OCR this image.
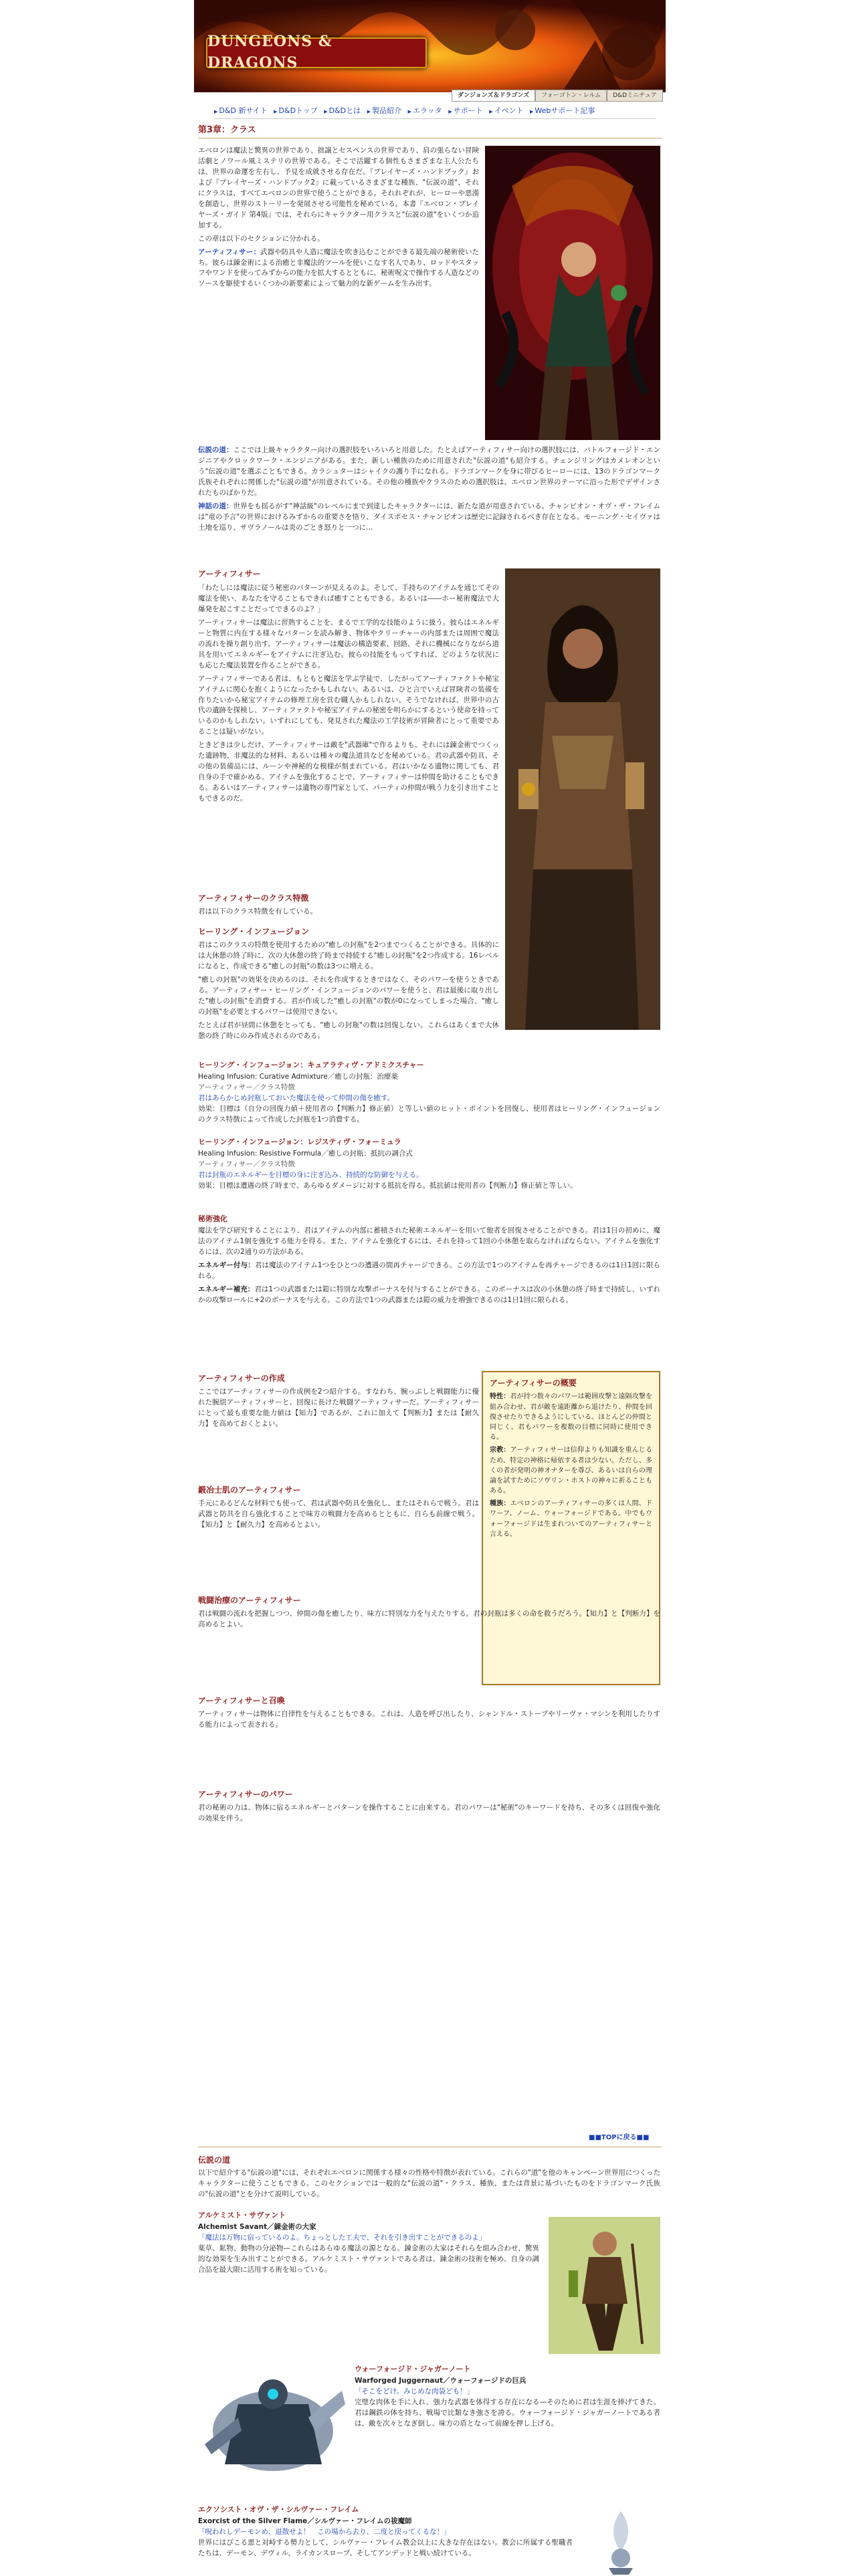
DUNGEONS & DRAGONS
ダンジョンズ＆ドラゴンズ	フォーゴトン・レルム	D&Dミニチュア
▶ D&D 新サイト ▶ D&Dトップ ▶ D&Dとは ▶ 製品紹介 ▶ エラッタ ▶ サポート ▶ イベント ▶ Webサポート記事
第3章：クラス

エベロンは魔法と驚異の世界であり、拙譲とセスペンスの世界であり、肩の張らない冒険活劇とノワール風ミステリの世界である。そこで活躍する個性もさまざまな主人公たちは、世界の命運を左右し、予見を成就させる存在だ。『プレイヤーズ・ハンドブック』および『プレイヤーズ・ハンドブック2』に載っているさまざまな種族、"伝説の道"、それにクラスは、すべてエベロンの世界で使うことができる。それれぞれが、ヒーローや悪漢を創造し、世界のストーリーを発展させる可能性を秘めている。本書『エベロン・プレイヤーズ・ガイド 第4版』では、それらにキャラクター用クラスと"伝説の道"をいくつか追加する。

この章は以下のセクションに分かれる。

アーティフィサー：武器や防具や人造に魔法を吹き込むことができる最先端の秘術使いたち。彼らは錬金術による治癒と非魔法的ツールを使いこなす名人であり、ロッドやスタッフやワンドを使ってみずからの能力を拡大するとともに、秘術呪文で操作する人造などのソースを駆使するいくつかの新要素によって魅力的な新ゲームを生み出す。

伝説の道：ここでは上級キャラクター向けの選択肢をいろいろと用意した。たとえばアーティフィサー向けの選択肢には、バトルフォージド・エンジニアやクロックワーク・エンジニアがある。また、新しい種族のために用意された"伝説の道"も紹介する。チェンジリングはカメレオンという"伝説の道"を選ぶこともできる。カラシュターはシャイクの護り手になれる。ドラゴンマークを身に帯びるヒーローには、13のドラゴンマーク氏族それぞれに関係した"伝説の道"が用意されている。その他の種族やクラスのための選択肢は、エベロン世界のテーマに沿った形でデザインされたものばかりだ。

神話の道：世界をも揺るがす"神話級"のレベルにまで到達したキャラクターには、新たな道が用意されている。チャンピオン・オヴ・ザ・フレイムは"竜の予言"の世界におけるみずからの重要さを悟り、ダイスポセス・チャンピオンは歴史に記録されるべき存在となる。モーニング・セイヴァは土地を巡り、サヴラノールは炎のごとき怒りと一つに…

アーティフィサー

「わたしには魔法に従う秘密のパターンが見えるのよ。そして、手持ちのアイテムを通じてその魔法を使い、あなたを守ることもできれば癒すこともできる。あるいは――ホー秘術魔法で大爆発を起こすことだってできるのよ？」

アーティフィサーは魔法に習熟することを、まるで工学的な技能のように扱う。彼らはエネルギーと物質に内在する様々なパターンを読み解き、物体やクリーチャーの内部または周囲で魔法の流れを操り創り出す。アーティフィサーは魔法の構造要素、回路、それに機械になりながら道具を用いてエネルギーをアイテムに注ぎ込む。彼らの技能をもってすれば、どのような状況にも応じた魔法装置を作ることができる。

アーティフィサーである者は、もともと魔法を学ぶ学徒で、したがってアーティファクトや秘宝アイテムに関心を抱くようになったかもしれない。あるいは、ひと言でいえば冒険者の装備を作りたいから秘宝アイテムの修理工房を営む職人かもしれない。そうでなければ、世界中の古代の遺跡を探検し、アーティファクトや秘宝アイテムの秘密を明らかにするという使命を持っているのかもしれない。いずれにしても、発見された魔法の工学技術が冒険者にとって重要であることは疑いがない。

ときどきは少しだけ、アーティフィサーは敵を"武器庫"で作るよりも、それには錬金術でつくった遺跡物、非魔法的な材料、あるいは種々の魔法道具などを秘めている。君の武器や防具、その他の装備品には、ルーンや神秘的な模様が刻まれている。君はいかなる遺物に関しても、君自身の手で確かめる。アイテムを強化することで、アーティフィサーは仲間を助けることもできる。あるいはアーティフィサーは遺物の専門家として、パーティの仲間が戦う力を引き出すこともできるのだ。

アーティフィサーのクラス特徴
君は以下のクラス特徴を有している。
ヒーリング・インフュージョン

君はこのクラスの特徴を使用するための"癒しの封瓶"を2つまでつくることができる。具体的には大休憩の終了時に、次の大休憩の終了時まで持続する"癒しの封瓶"を2つ作成する。16レベルになると、作成できる"癒しの封瓶"の数は3つに増える。

"癒しの封瓶"の効果を決めるのは、それを作成するときではなく、そのパワーを使うときである。アーティフィサー・ヒーリング・インフュージョンのパワーを使うと、君は最後に取り出した"癒しの封瓶"を消費する。君が作成した"癒しの封瓶"の数が0になってしまった場合、"癒しの封瓶"を必要とするパワーは使用できない。

たとえば君が昼間に休憩をとっても、"癒しの封瓶"の数は回復しない。これらはあくまで大休憩の終了時にのみ作成されるのである。

ヒーリング・インフュージョン：キュアラティヴ・アドミクスチャー
Healing Infusion: Curative Admixture／癒しの封瓶：治療薬
アーティフィサー／クラス特徴
君はあらかじめ封瓶しておいた魔法を使って仲間の傷を癒す。
効果：目標は（自分の回復力値＋使用者の【判断力】修正値）と等しい値のヒット・ポイントを回復し、使用者はヒーリング・インフュージョンのクラス特徴によって作成した封瓶を1つ消費する。
ヒーリング・インフュージョン：レジスティヴ・フォーミュラ
Healing Infusion: Resistive Formula／癒しの封瓶：抵抗の調合式
アーティフィサー／クラス特徴
君は封瓶のエネルギーを目標の身に注ぎ込み、持続的な防御を与える。
効果：目標は遭遇の終了時まで、あらゆるダメージに対する抵抗を得る。抵抗値は使用者の【判断力】修正値と等しい。
秘術強化

魔法を学び研究することにより、君はアイテムの内部に蓄積された秘術エネルギーを用いて他者を回復させることができる。君は1日の初めに、魔法のアイテム1個を強化する能力を得る。また、アイテムを強化するには、それを持って1回の小休憩を取らなければならない。アイテムを強化するには、次の2通りの方法がある。

エネルギー付与：君は魔法のアイテム1つをひとつの遭遇の間再チャージできる。この方法で1つのアイテムを再チャージできるのは1日1回に限られる。

エネルギー補充：君は1つの武器または鎧に特別な攻撃ボーナスを付与することができる。このボーナスは次の小休憩の終了時まで持続し、いずれかの攻撃ロールに+2のボーナスを与える。この方法で1つの武器または鎧の威力を増強できるのは1日1回に限られる。

アーティフィサーの作成
ここではアーティフィサーの作成例を2つ紹介する。すなわち、腕っぷしと戦闘能力に優れた腕組アーティフィサーと、回復に長けた戦闘アーティフィサーだ。アーティフィサーにとって最も重要な能力値は【知力】であるが、これに加えて【判断力】または【耐久力】を高めておくとよい。
アーティフィサーの概要

特性：君が持つ数々のパワーは範囲攻撃と遠隔攻撃を組み合わせ、君が敵を遠距離から退けたり、仲間を回復させたりできるようにしている。ほとんどの仲間と同じく、君もパワーを複数の目標に同時に使用できる。

宗教：アーティフィサーは信仰よりも知識を重んじるため、特定の神格に帰依する者は少ない。ただし、多くの者が発明の神オナターを尊び、あるいは自らの理論を試すためにソヴリン・ホストの神々に祈ることもある。

種族：エベロンのアーティフィサーの多くは人間、ドワーフ、ノーム、ウォーフォージドである。中でもウォーフォージドは生まれついてのアーティフィサーと言える。

鍛冶士肌のアーティフィサー
手元にあるどんな材料でも使って、君は武器や防具を強化し、またはそれらで戦う。君は武器と防具を自ら強化することで味方の戦闘力を高めるとともに、自らも前線で戦う。【知力】と【耐久力】を高めるとよい。
戦闘治療のアーティフィサー
君は戦闘の流れを把握しつつ、仲間の傷を癒したり、味方に特別な力を与えたりする。君の封瓶は多くの命を救うだろう。【知力】と【判断力】を高めるとよい。
アーティフィサーと召喚
アーティフィサーは物体に自律性を与えることもできる。これは、人造を呼び出したり、シャンドル・ストーブやリーヴァ・マシンを利用したりする能力によって表される。
アーティフィサーのパワー
君の秘術の力は、物体に宿るエネルギーとパターンを操作することに由来する。君のパワーは"秘術"のキーワードを持ち、その多くは回復や強化の効果を伴う。
■■TOPに戻る■■
伝説の道
以下で紹介する"伝説の道"には、それぞれエベロンに関係する様々の性格や特徴が表れている。これらの"道"を他のキャンペーン世界用につくったキャラクターに使うこともできる。このセクションでは一般的な"伝説の道"・クラス、種族、または背景に基づいたものをドラゴンマーク氏族の"伝説の道"とを分けて説明している。
アルケミスト・サヴァント
Alchemist Savant／錬金術の大家
「魔法は万物に宿っているのよ。ちょっとした工夫で、それを引き出すことができるのよ」

薬草、鉱物、動物の分泌物—これらはあらゆる魔法の源となる。錬金術の大家はそれらを組み合わせ、驚異的な効果を生み出すことができる。アルケミスト・サヴァントである者は、錬金術の技術を極め、自身の調合品を最大限に活用する術を知っている。

ウォーフォージド・ジャガーノート
Warforged Juggernaut／ウォーフォージドの巨兵
「そこをどけ。みじめな肉袋ども！」

完璧な肉体を手に入れ、強力な武器を体得する存在になる—そのために君は生涯を捧げてきた。君は鋼鉄の体を持ち、戦場で比類なき強さを誇る。ウォーフォージド・ジャガーノートである者は、敵を次々となぎ倒し、味方の盾となって前線を押し上げる。

エクソシスト・オヴ・ザ・シルヴァー・フレイム
Exorcist of the Silver Flame／シルヴァー・フレイムの祓魔師
「呪われしデーモンめ、退散せよ！　この場から去り、二度と戻ってくるな！」

世界にはびこる悪と対峙する勢力として、シルヴァー・フレイム教会以上に大きな存在はない。教会に所属する聖職者たちは、デーモン、デヴィル、ライカンスロープ、そしてアンデッドと戦い続けている。
